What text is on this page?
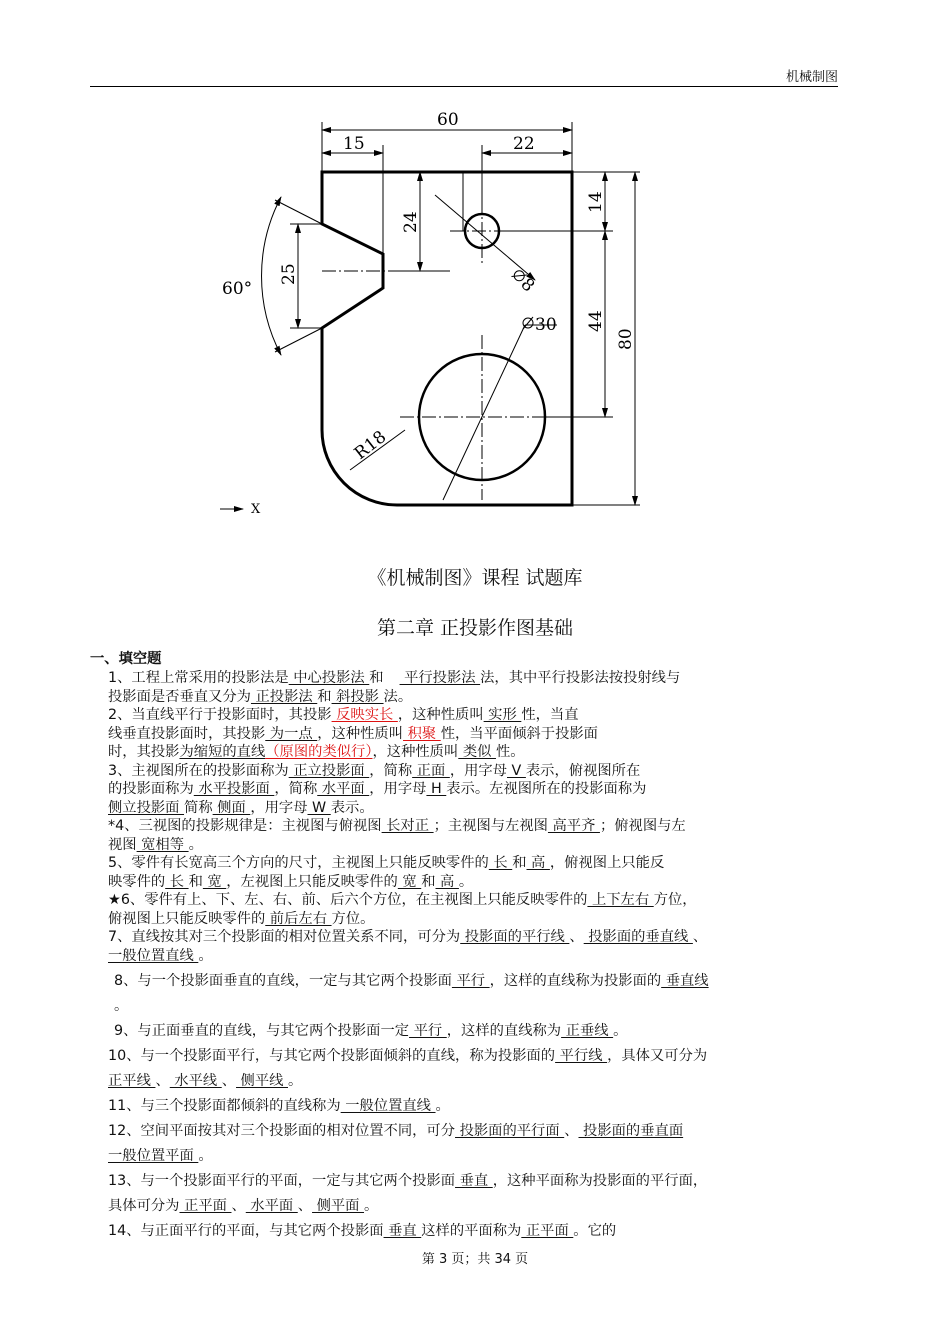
机械制图
60
15	22
14
24
25
44
80
60°
R18
8
30
X
《机械制图》课程 试题库
第二章 正投影作图基础
一、填空题
1、工程上常采用的投影法是 中心投影法 和 平行投影法 法，其中平行投影法按投射线与
投影面是否垂直又分为 正投影法 和 斜投影 法。
2、当直线平行于投影面时，其投影 反映实长 ，这种性质叫 实形 性，当直
线垂直投影面时，其投影 为一点 ，这种性质叫 积聚 性，当平面倾斜于投影面
时，其投影为缩短的直线（原图的类似行），这种性质叫 类似 性。
3、主视图所在的投影面称为 正立投影面 ，简称 正面 ，用字母 V 表示，俯视图所在
的投影面称为 水平投影面 ，简称 水平面 ，用字母 H 表示。左视图所在的投影面称为
侧立投影面 简称 侧面 ，用字母 W 表示。
*4、三视图的投影规律是：主视图与俯视图 长对正 ；主视图与左视图 高平齐 ；俯视图与左
视图 宽相等 。
5、零件有长宽高三个方向的尺寸，主视图上只能反映零件的 长 和 高 ，俯视图上只能反
映零件的 长 和 宽 ，左视图上只能反映零件的 宽 和 高 。
★6、零件有上、下、左、右、前、后六个方位，在主视图上只能反映零件的 上下左右 方位，
俯视图上只能反映零件的 前后左右 方位。
7、直线按其对三个投影面的相对位置关系不同，可分为 投影面的平行线 、 投影面的垂直线 、
一般位置直线 。
8、与一个投影面垂直的直线，一定与其它两个投影面 平行 ，这样的直线称为投影面的 垂直线
。
9、与正面垂直的直线，与其它两个投影面一定 平行 ，这样的直线称为 正垂线 。
10、与一个投影面平行，与其它两个投影面倾斜的直线，称为投影面的 平行线 ，具体又可分为
正平线 、 水平线 、 侧平线 。
11、与三个投影面都倾斜的直线称为 一般位置直线 。
12、空间平面按其对三个投影面的相对位置不同，可分 投影面的平行面 、 投影面的垂直面
一般位置平面 。
13、与一个投影面平行的平面，一定与其它两个投影面 垂直 ，这种平面称为投影面的平行面，
具体可分为 正平面 、 水平面 、 侧平面 。
14、与正面平行的平面，与其它两个投影面 垂直 这样的平面称为 正平面 。它的
第 3 页；共 34 页
